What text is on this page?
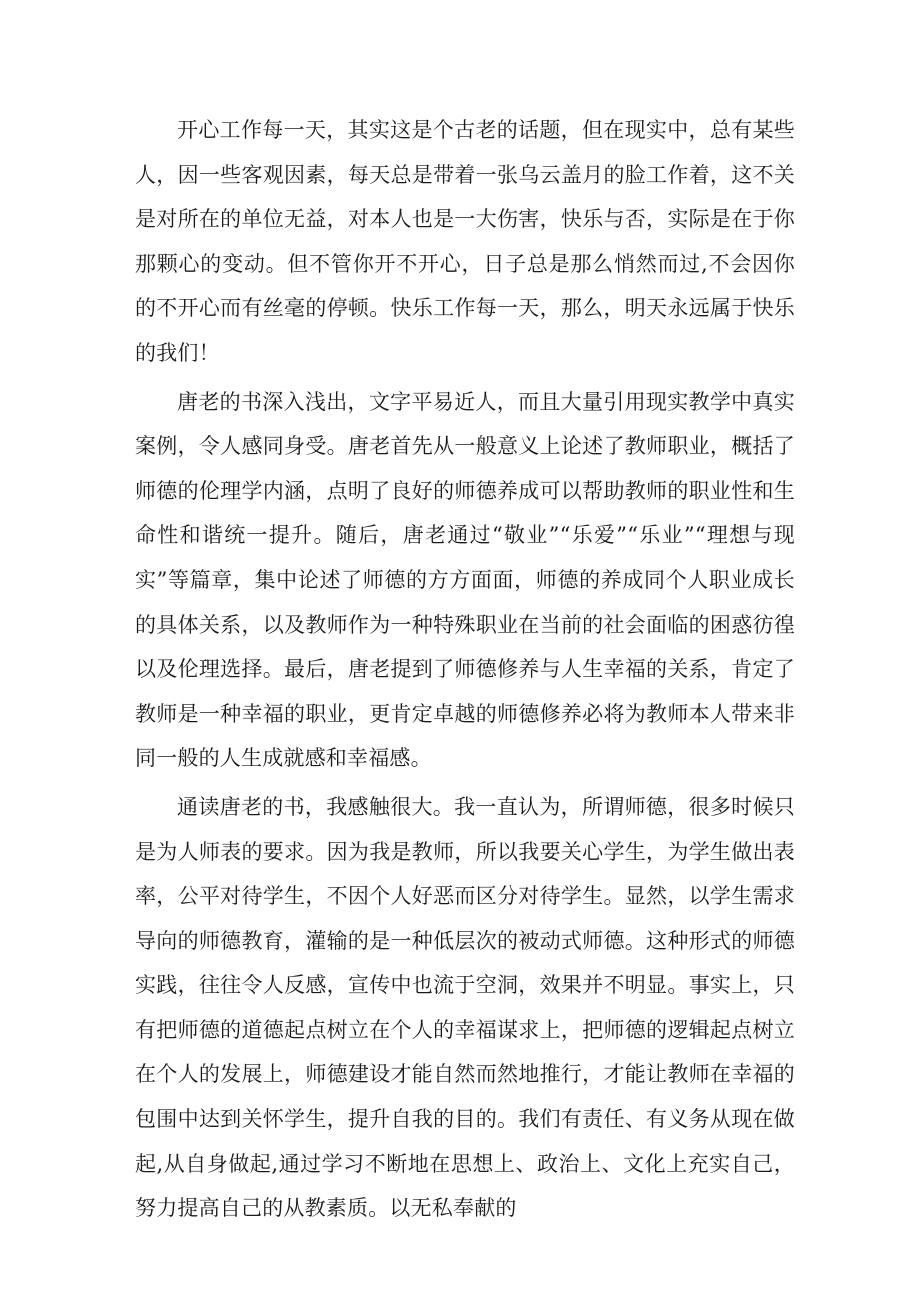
开心工作每一天，其实这是个古老的话题，但在现实中，总有某些人，因一些客观因素，每天总是带着一张乌云盖月的脸工作着，这不关是对所在的单位无益，对本人也是一大伤害，快乐与否，实际是在于你那颗心的变动。但不管你开不开心，日子总是那么悄然而过,不会因你的不开心而有丝毫的停顿。快乐工作每一天，那么，明天永远属于快乐的我们！

唐老的书深入浅出，文字平易近人，而且大量引用现实教学中真实案例，令人感同身受。唐老首先从一般意义上论述了教师职业，概括了师德的伦理学内涵，点明了良好的师德养成可以帮助教师的职业性和生命性和谐统一提升。随后，唐老通过“敬业”“乐爱”“乐业”“理想与现实”等篇章，集中论述了师德的方方面面，师德的养成同个人职业成长的具体关系，以及教师作为一种特殊职业在当前的社会面临的困惑彷徨以及伦理选择。最后，唐老提到了师德修养与人生幸福的关系，肯定了教师是一种幸福的职业，更肯定卓越的师德修养必将为教师本人带来非同一般的人生成就感和幸福感。

通读唐老的书，我感触很大。我一直认为，所谓师德，很多时候只是为人师表的要求。因为我是教师，所以我要关心学生，为学生做出表率，公平对待学生，不因个人好恶而区分对待学生。显然，以学生需求导向的师德教育，灌输的是一种低层次的被动式师德。这种形式的师德实践，往往令人反感，宣传中也流于空洞，效果并不明显。事实上，只有把师德的道德起点树立在个人的幸福谋求上，把师德的逻辑起点树立在个人的发展上，师德建设才能自然而然地推行，才能让教师在幸福的包围中达到关怀学生，提升自我的目的。我们有责任、有义务从现在做起,从自身做起,通过学习不断地在思想上、政治上、文化上充实自己，努力提高自己的从教素质。以无私奉献的
